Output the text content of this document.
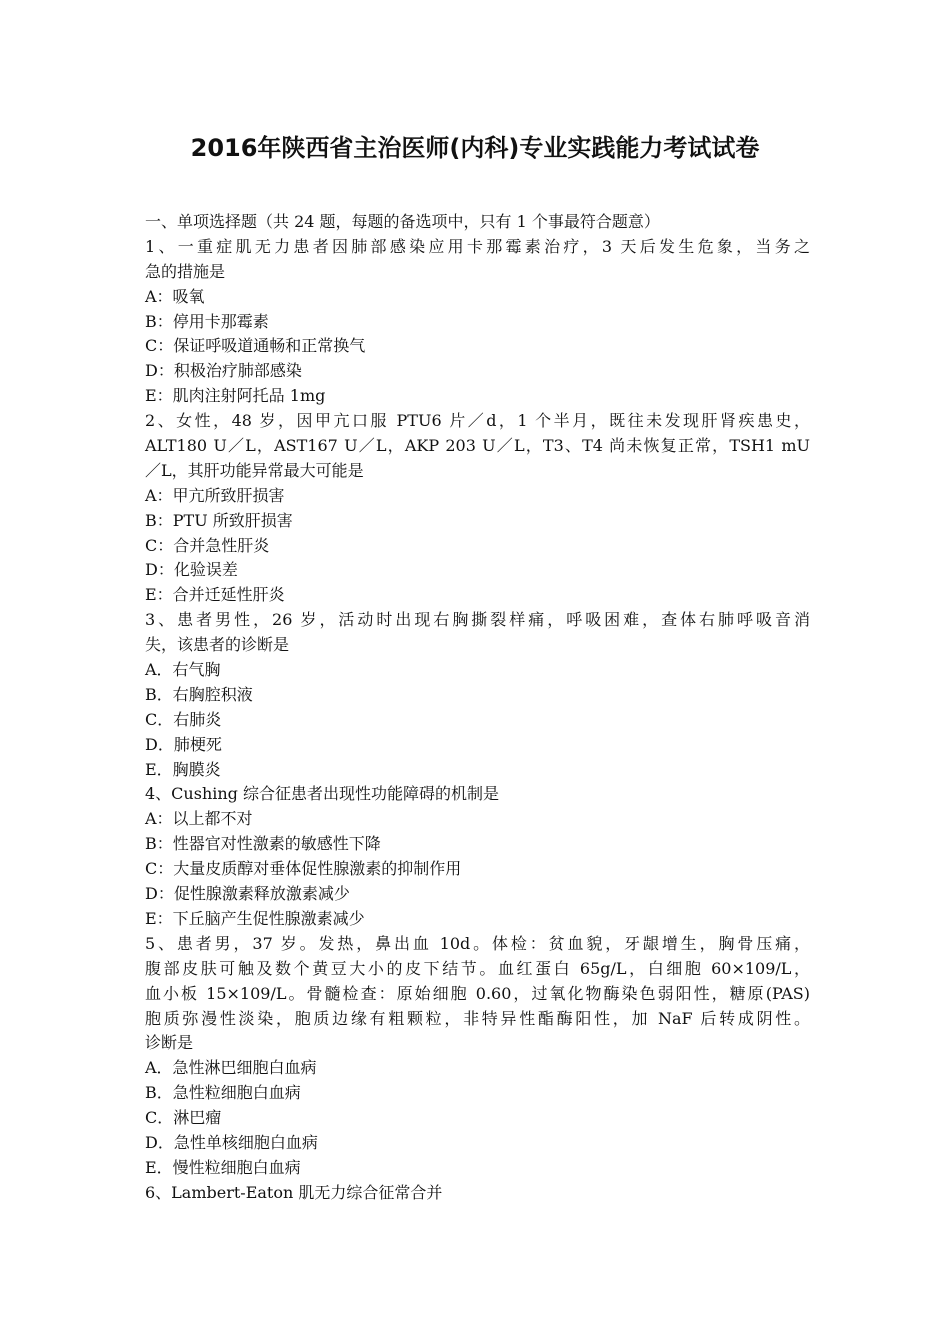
2016年陕西省主治医师(内科)专业实践能力考试试卷
一、单项选择题（共 24 题，每题的备选项中，只有 1 个事最符合题意）
1、一重症肌无力患者因肺部感染应用卡那霉素治疗，3 天后发生危象，当务之
急的措施是
A：吸氧
B：停用卡那霉素
C：保证呼吸道通畅和正常换气
D：积极治疗肺部感染
E：肌肉注射阿托品 1mg
2、女性，48 岁，因甲亢口服 PTU6 片／d，1 个半月，既往未发现肝肾疾患史，
ALT180 U／L，AST167 U／L，AKP 203 U／L，T3、T4 尚未恢复正常，TSH1 mU
／L，其肝功能异常最大可能是
A：甲亢所致肝损害
B：PTU 所致肝损害
C：合并急性肝炎
D：化验误差
E：合并迁延性肝炎
3、患者男性，26 岁，活动时出现右胸撕裂样痛，呼吸困难，查体右肺呼吸音消
失，该患者的诊断是
A．右气胸
B．右胸腔积液
C．右肺炎
D．肺梗死
E．胸膜炎
4、Cushing 综合征患者出现性功能障碍的机制是
A：以上都不对
B：性器官对性激素的敏感性下降
C：大量皮质醇对垂体促性腺激素的抑制作用
D：促性腺激素释放激素减少
E：下丘脑产生促性腺激素减少
5、患者男，37 岁。发热，鼻出血 10d。体检：贫血貌，牙龈增生，胸骨压痛，
腹部皮肤可触及数个黄豆大小的皮下结节。血红蛋白 65g/L，白细胞 60×109/L，
血小板 15×109/L。骨髓检查：原始细胞 0.60，过氧化物酶染色弱阳性，糖原(PAS)
胞质弥漫性淡染，胞质边缘有粗颗粒，非特异性酯酶阳性，加 NaF 后转成阴性。
诊断是
A．急性淋巴细胞白血病
B．急性粒细胞白血病
C．淋巴瘤
D．急性单核细胞白血病
E．慢性粒细胞白血病
6、Lambert-Eaton 肌无力综合征常合并
